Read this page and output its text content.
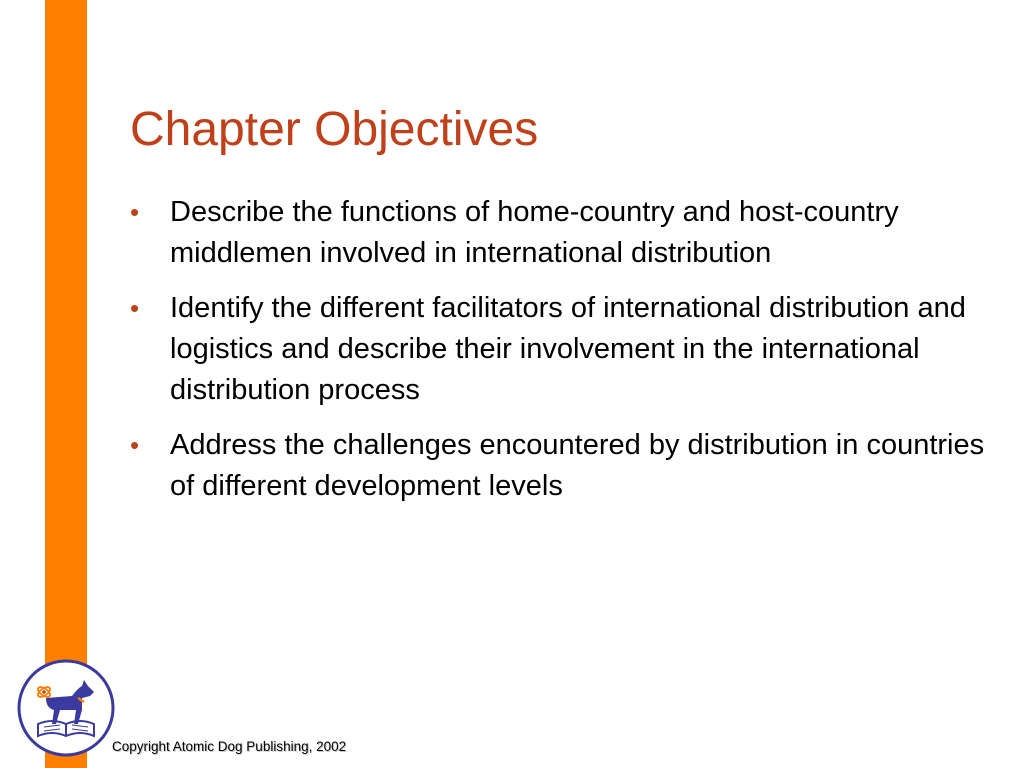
Chapter Objectives
• Describe the functions of home-country and host-country middlemen involved in international distribution
• Identify the different facilitators of international distribution and logistics and describe their involvement in the international distribution process
• Address the challenges encountered by distribution in countries of different development levels
Copyright Atomic Dog Publishing, 2002
